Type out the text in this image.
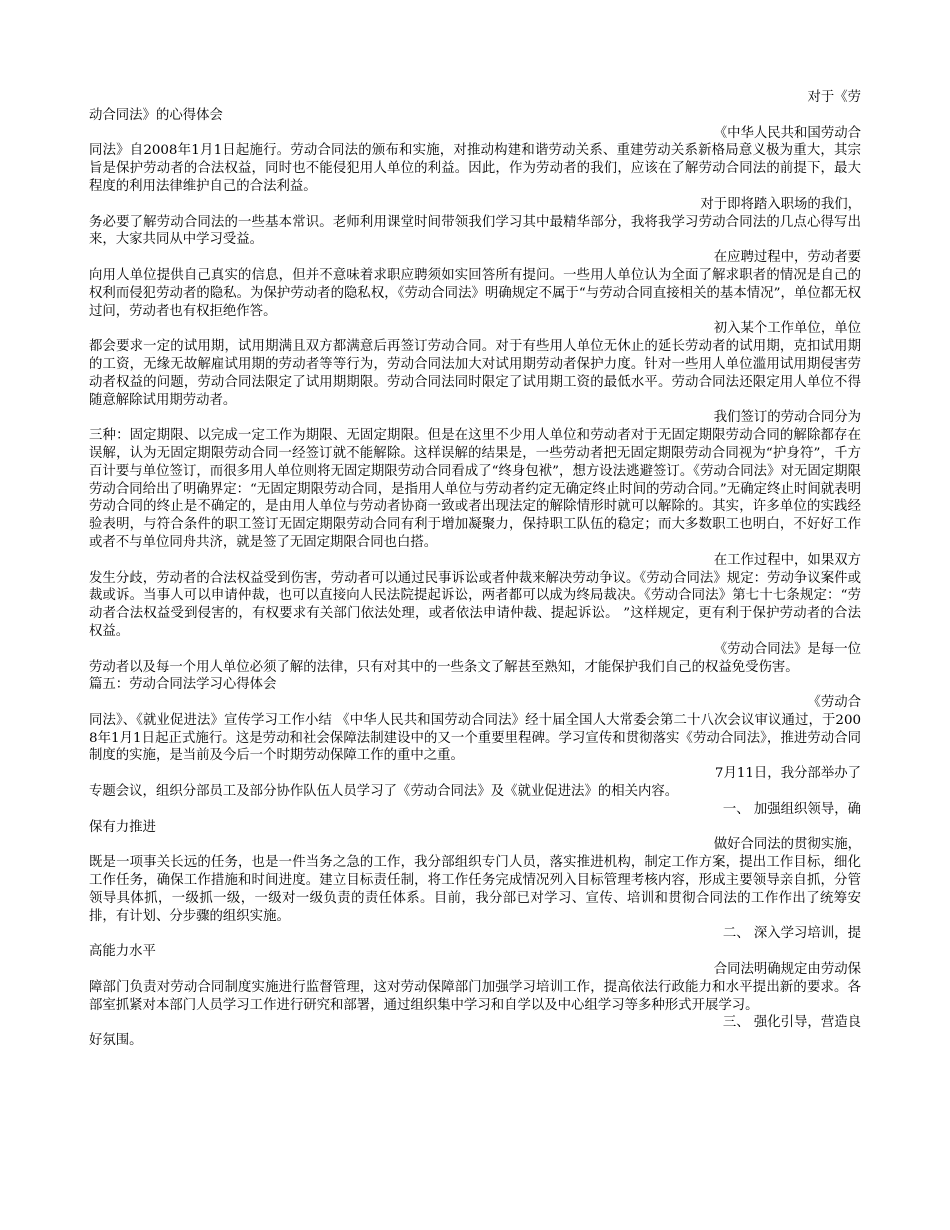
对于《劳
动合同法》的心得体会

《中华人民共和国劳动合
同法》自2008年1月1日起施行。劳动合同法的颁布和实施，对推动构建和谐劳动关系、重建劳动关系新格局意义极为重大，其宗旨是保护劳动者的合法权益，同时也不能侵犯用人单位的利益。因此，作为劳动者的我们，应该在了解劳动合同法的前提下，最大程度的利用法律维护自己的合法利益。

对于即将踏入职场的我们，
务必要了解劳动合同法的一些基本常识。老师利用课堂时间带领我们学习其中最精华部分，我将我学习劳动合同法的几点心得写出来，大家共同从中学习受益。

在应聘过程中，劳动者要
向用人单位提供自己真实的信息，但并不意味着求职应聘须如实回答所有提问。一些用人单位认为全面了解求职者的情况是自己的权利而侵犯劳动者的隐私。为保护劳动者的隐私权，《劳动合同法》明确规定不属于“与劳动合同直接相关的基本情况”，单位都无权过问，劳动者也有权拒绝作答。

初入某个工作单位，单位
都会要求一定的试用期，试用期满且双方都满意后再签订劳动合同。对于有些用人单位无休止的延长劳动者的试用期，克扣试用期的工资，无缘无故解雇试用期的劳动者等等行为，劳动合同法加大对试用期劳动者保护力度。针对一些用人单位滥用试用期侵害劳动者权益的问题，劳动合同法限定了试用期期限。劳动合同法同时限定了试用期工资的最低水平。劳动合同法还限定用人单位不得随意解除试用期劳动者。

我们签订的劳动合同分为
三种：固定期限、以完成一定工作为期限、无固定期限。但是在这里不少用人单位和劳动者对于无固定期限劳动合同的解除都存在误解，认为无固定期限劳动合同一经签订就不能解除。这样误解的结果是，一些劳动者把无固定期限劳动合同视为“护身符”，千方百计要与单位签订，而很多用人单位则将无固定期限劳动合同看成了“终身包袱”，想方设法逃避签订。《劳动合同法》对无固定期限劳动合同给出了明确界定：“无固定期限劳动合同，是指用人单位与劳动者约定无确定终止时间的劳动合同。”无确定终止时间就表明劳动合同的终止是不确定的，是由用人单位与劳动者协商一致或者出现法定的解除情形时就可以解除的。其实，许多单位的实践经验表明，与符合条件的职工签订无固定期限劳动合同有利于增加凝聚力，保持职工队伍的稳定；而大多数职工也明白，不好好工作或者不与单位同舟共济，就是签了无固定期限合同也白搭。

在工作过程中，如果双方
发生分歧，劳动者的合法权益受到伤害，劳动者可以通过民事诉讼或者仲裁来解决劳动争议。《劳动合同法》规定：劳动争议案件或裁或诉。当事人可以申请仲裁，也可以直接向人民法院提起诉讼，两者都可以成为终局裁决。《劳动合同法》第七十七条规定：“劳动者合法权益受到侵害的，有权要求有关部门依法处理，或者依法申请仲裁、提起诉讼。 ”这样规定，更有利于保护劳动者的合法权益。

《劳动合同法》是每一位
劳动者以及每一个用人单位必须了解的法律，只有对其中的一些条文了解甚至熟知，才能保护我们自己的权益免受伤害。

篇五：劳动合同法学习心得体会

《劳动合
同法》、《就业促进法》宣传学习工作小结 《中华人民共和国劳动合同法》经十届全国人大常委会第二十八次会议审议通过，于2008年1月1日起正式施行。这是劳动和社会保障法制建设中的又一个重要里程碑。学习宣传和贯彻落实《劳动合同法》，推进劳动合同制度的实施，是当前及今后一个时期劳动保障工作的重中之重。

7月11日，我分部举办了
专题会议，组织分部员工及部分协作队伍人员学习了《劳动合同法》及《就业促进法》的相关内容。

一、 加强组织领导，确
保有力推进

做好合同法的贯彻实施，
既是一项事关长远的任务，也是一件当务之急的工作，我分部组织专门人员，落实推进机构，制定工作方案，提出工作目标，细化工作任务，确保工作措施和时间进度。建立目标责任制，将工作任务完成情况列入目标管理考核内容，形成主要领导亲自抓，分管领导具体抓，一级抓一级，一级对一级负责的责任体系。目前，我分部已对学习、宣传、培训和贯彻合同法的工作作出了统筹安排，有计划、分步骤的组织实施。

二、 深入学习培训，提
高能力水平

合同法明确规定由劳动保
障部门负责对劳动合同制度实施进行监督管理，这对劳动保障部门加强学习培训工作，提高依法行政能力和水平提出新的要求。各部室抓紧对本部门人员学习工作进行研究和部署，通过组织集中学习和自学以及中心组学习等多种形式开展学习。

三、 强化引导，营造良
好氛围。
